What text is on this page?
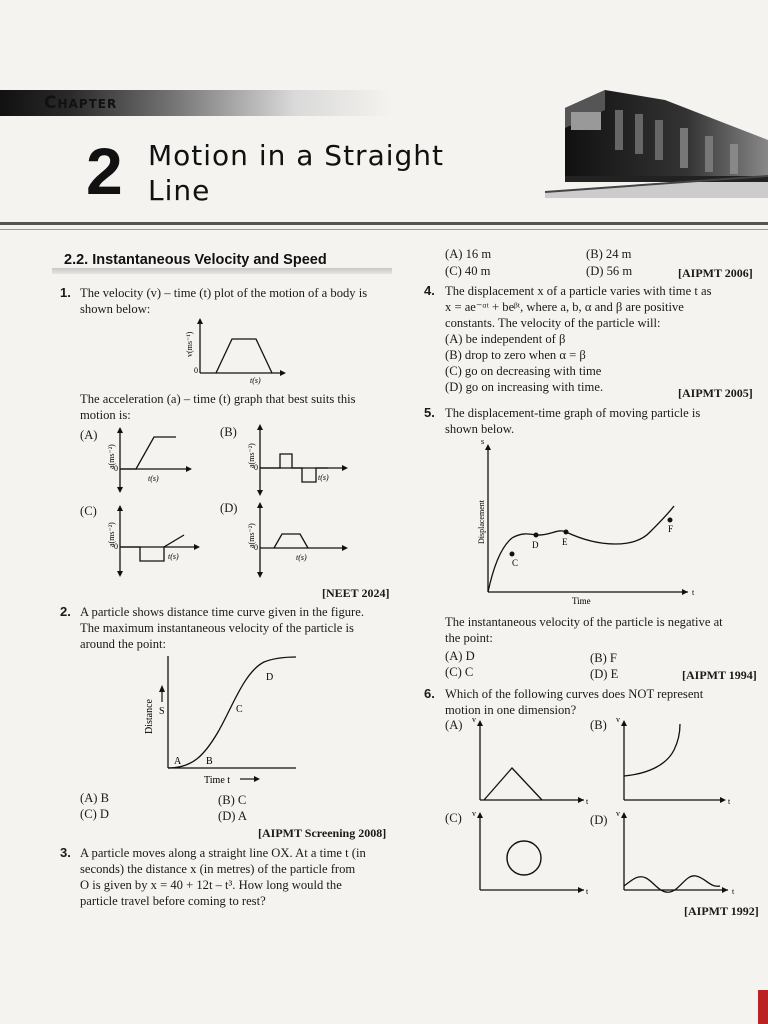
Chapter
2 Motion in a Straight
Line
2.2. Instantaneous Velocity and Speed
1. The velocity (v) – time (t) plot of the motion of a body is
shown below:
0
t(s)
v(ms⁻¹)
The acceleration (a) – time (t) graph that best suits this
motion is:
(A)
0
t(s)
a(ms⁻²)
(B)
0
t(s)
a(ms⁻²)
(C)
0
t(s)
a(ms⁻²)
(D)
0
t(s)
a(ms⁻²)
[NEET 2024]
2. A particle shows distance time curve given in the figure.
The maximum instantaneous velocity of the particle is
around the point:
Distance S
A B
C
D
Time t
(A) B	(B) C
(C) D	(D) A
[AIPMT Screening 2008]
3. A particle moves along a straight line OX. At a time t (in
seconds) the distance x (in metres) of the particle from
O is given by x = 40 + 12t – t³. How long would the
particle travel before coming to rest?
(A) 16 m	(B) 24 m
(C) 40 m	(D) 56 m	[AIPMT 2006]
4. The displacement x of a particle varies with time t as
x = ae⁻ᵅᵗ + beᵝᵗ, where a, b, α and β are positive
constants. The velocity of the particle will:
(A) be independent of β
(B) drop to zero when α = β
(C) go on decreasing with time
(D) go on increasing with time.	[AIPMT 2005]
5. The displacement-time graph of moving particle is
shown below.
s
t
Displacement
Time
C
D	E
F
The instantaneous velocity of the particle is negative at
the point:
(A) D	(B) F
(C) C	(D) E	[AIPMT 1994]
6. Which of the following curves does NOT represent
motion in one dimension?
(A) v
t
(B) v
t
(C) v
t
(D) v
t
[AIPMT 1992]
